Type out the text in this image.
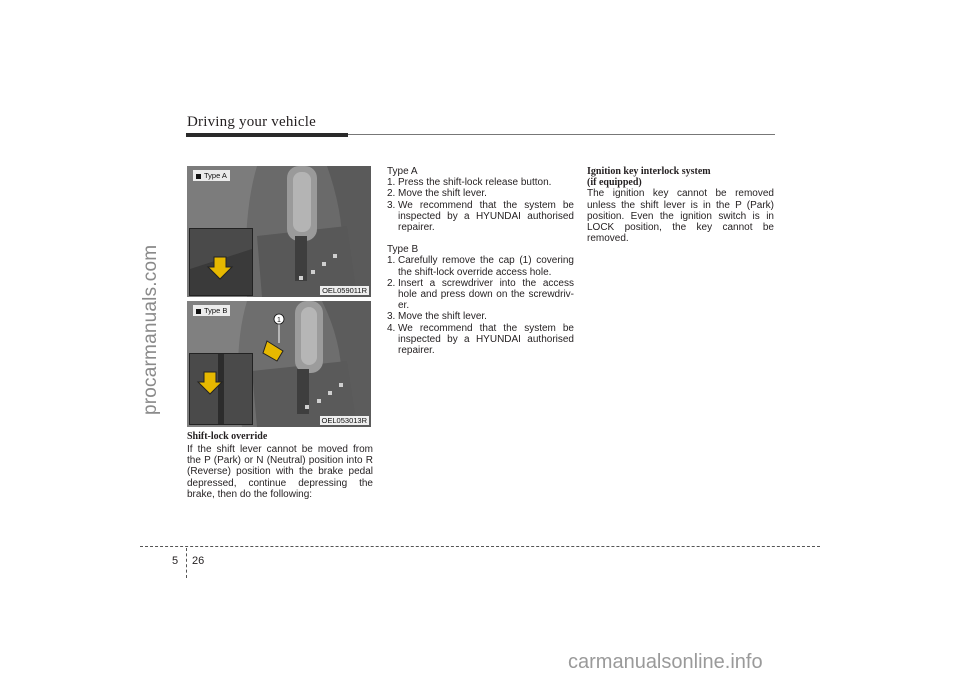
Driving your vehicle
procarmanuals.com
Type A
OEL059011R
1
Type B
OEL053013R
Shift-lock override
If the shift lever cannot be moved from the P (Park) or N (Neutral) position into R (Reverse) position with the brake pedal depressed, continue depressing the brake, then do the following:
Type A
1. Press the shift-lock release button.
2. Move the shift lever.
3. We recommend that the system be inspected by a HYUNDAI authorised repairer.
Type B
1. Carefully remove the cap (1) covering the shift-lock override access hole.
2. Insert a screwdriver into the access hole and press down on the screwdriv-er.
3. Move the shift lever.
4. We recommend that the system be inspected by a HYUNDAI authorised repairer.
Ignition key interlock system
(if equipped)
The ignition key cannot be removed unless the shift lever is in the P (Park) position. Even the ignition switch is in LOCK position, the key cannot be removed.
5 26
carmanualsonline.info
